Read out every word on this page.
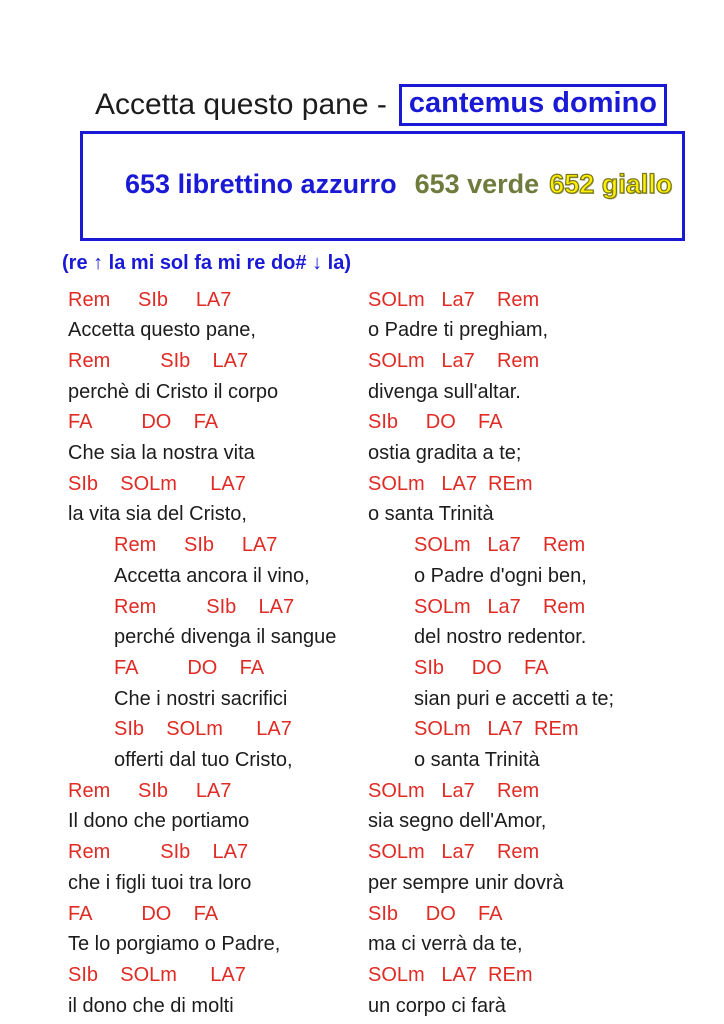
Accetta questo pane - cantemus domino

653 librettino azzurro 653 verde 652 giallo

(re ↑ la mi sol fa mi re do# ↓ la)
Rem     SIb     LA7	SOLm   La7    Rem
Accetta questo pane,	o Padre ti preghiam,
Rem         SIb    LA7	SOLm   La7    Rem
perchè di Cristo il corpo	divenga sull'altar.
FA         DO    FA	SIb     DO    FA
Che sia la nostra vita	ostia gradita a te;
SIb    SOLm      LA7	SOLm   LA7  REm
la vita sia del Cristo,	o santa Trinità
Rem     SIb     LA7	SOLm   La7    Rem
Accetta ancora il vino,	o Padre d'ogni ben,
Rem         SIb    LA7	SOLm   La7    Rem
perché divenga il sangue	del nostro redentor.
FA         DO    FA	SIb     DO    FA
Che i nostri sacrifici	sian puri e accetti a te;
SIb    SOLm      LA7	SOLm   LA7  REm
offerti dal tuo Cristo,	o santa Trinità
Rem     SIb     LA7	SOLm   La7    Rem
Il dono che portiamo	sia segno dell'Amor,
Rem         SIb    LA7	SOLm   La7    Rem
che i figli tuoi tra loro	per sempre unir dovrà
FA         DO    FA	SIb     DO    FA
Te lo porgiamo o Padre,	ma ci verrà da te,
SIb    SOLm      LA7	SOLm   LA7  REm
il dono che di molti	un corpo ci farà
